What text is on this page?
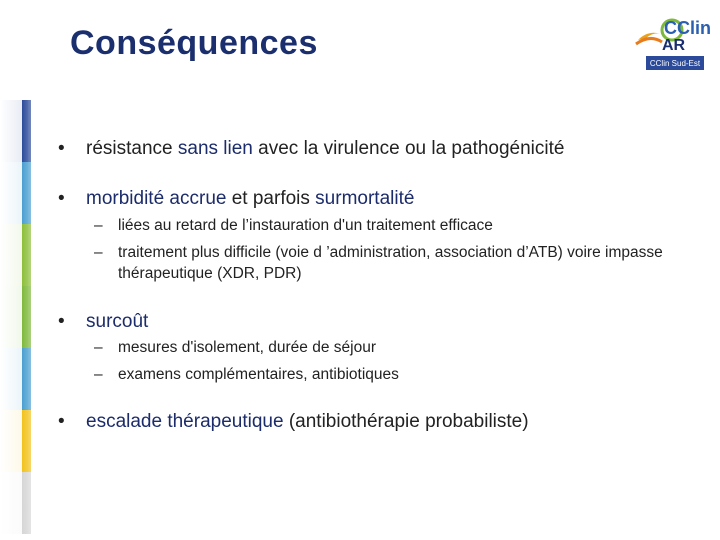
Conséquences	CClin
AR
CClin Sud-Est
•	résistance sans lien avec la virulence ou la pathogénicité
•	morbidité accrue et parfois surmortalité
– liées au retard de l’instauration d'un traitement efficace
– traitement plus difficile (voie d ’administration, association d’ATB) voire impasse thérapeutique (XDR, PDR)
•	surcoût
– mesures d'isolement, durée de séjour
– examens complémentaires, antibiotiques
•	escalade thérapeutique (antibiothérapie probabiliste)
